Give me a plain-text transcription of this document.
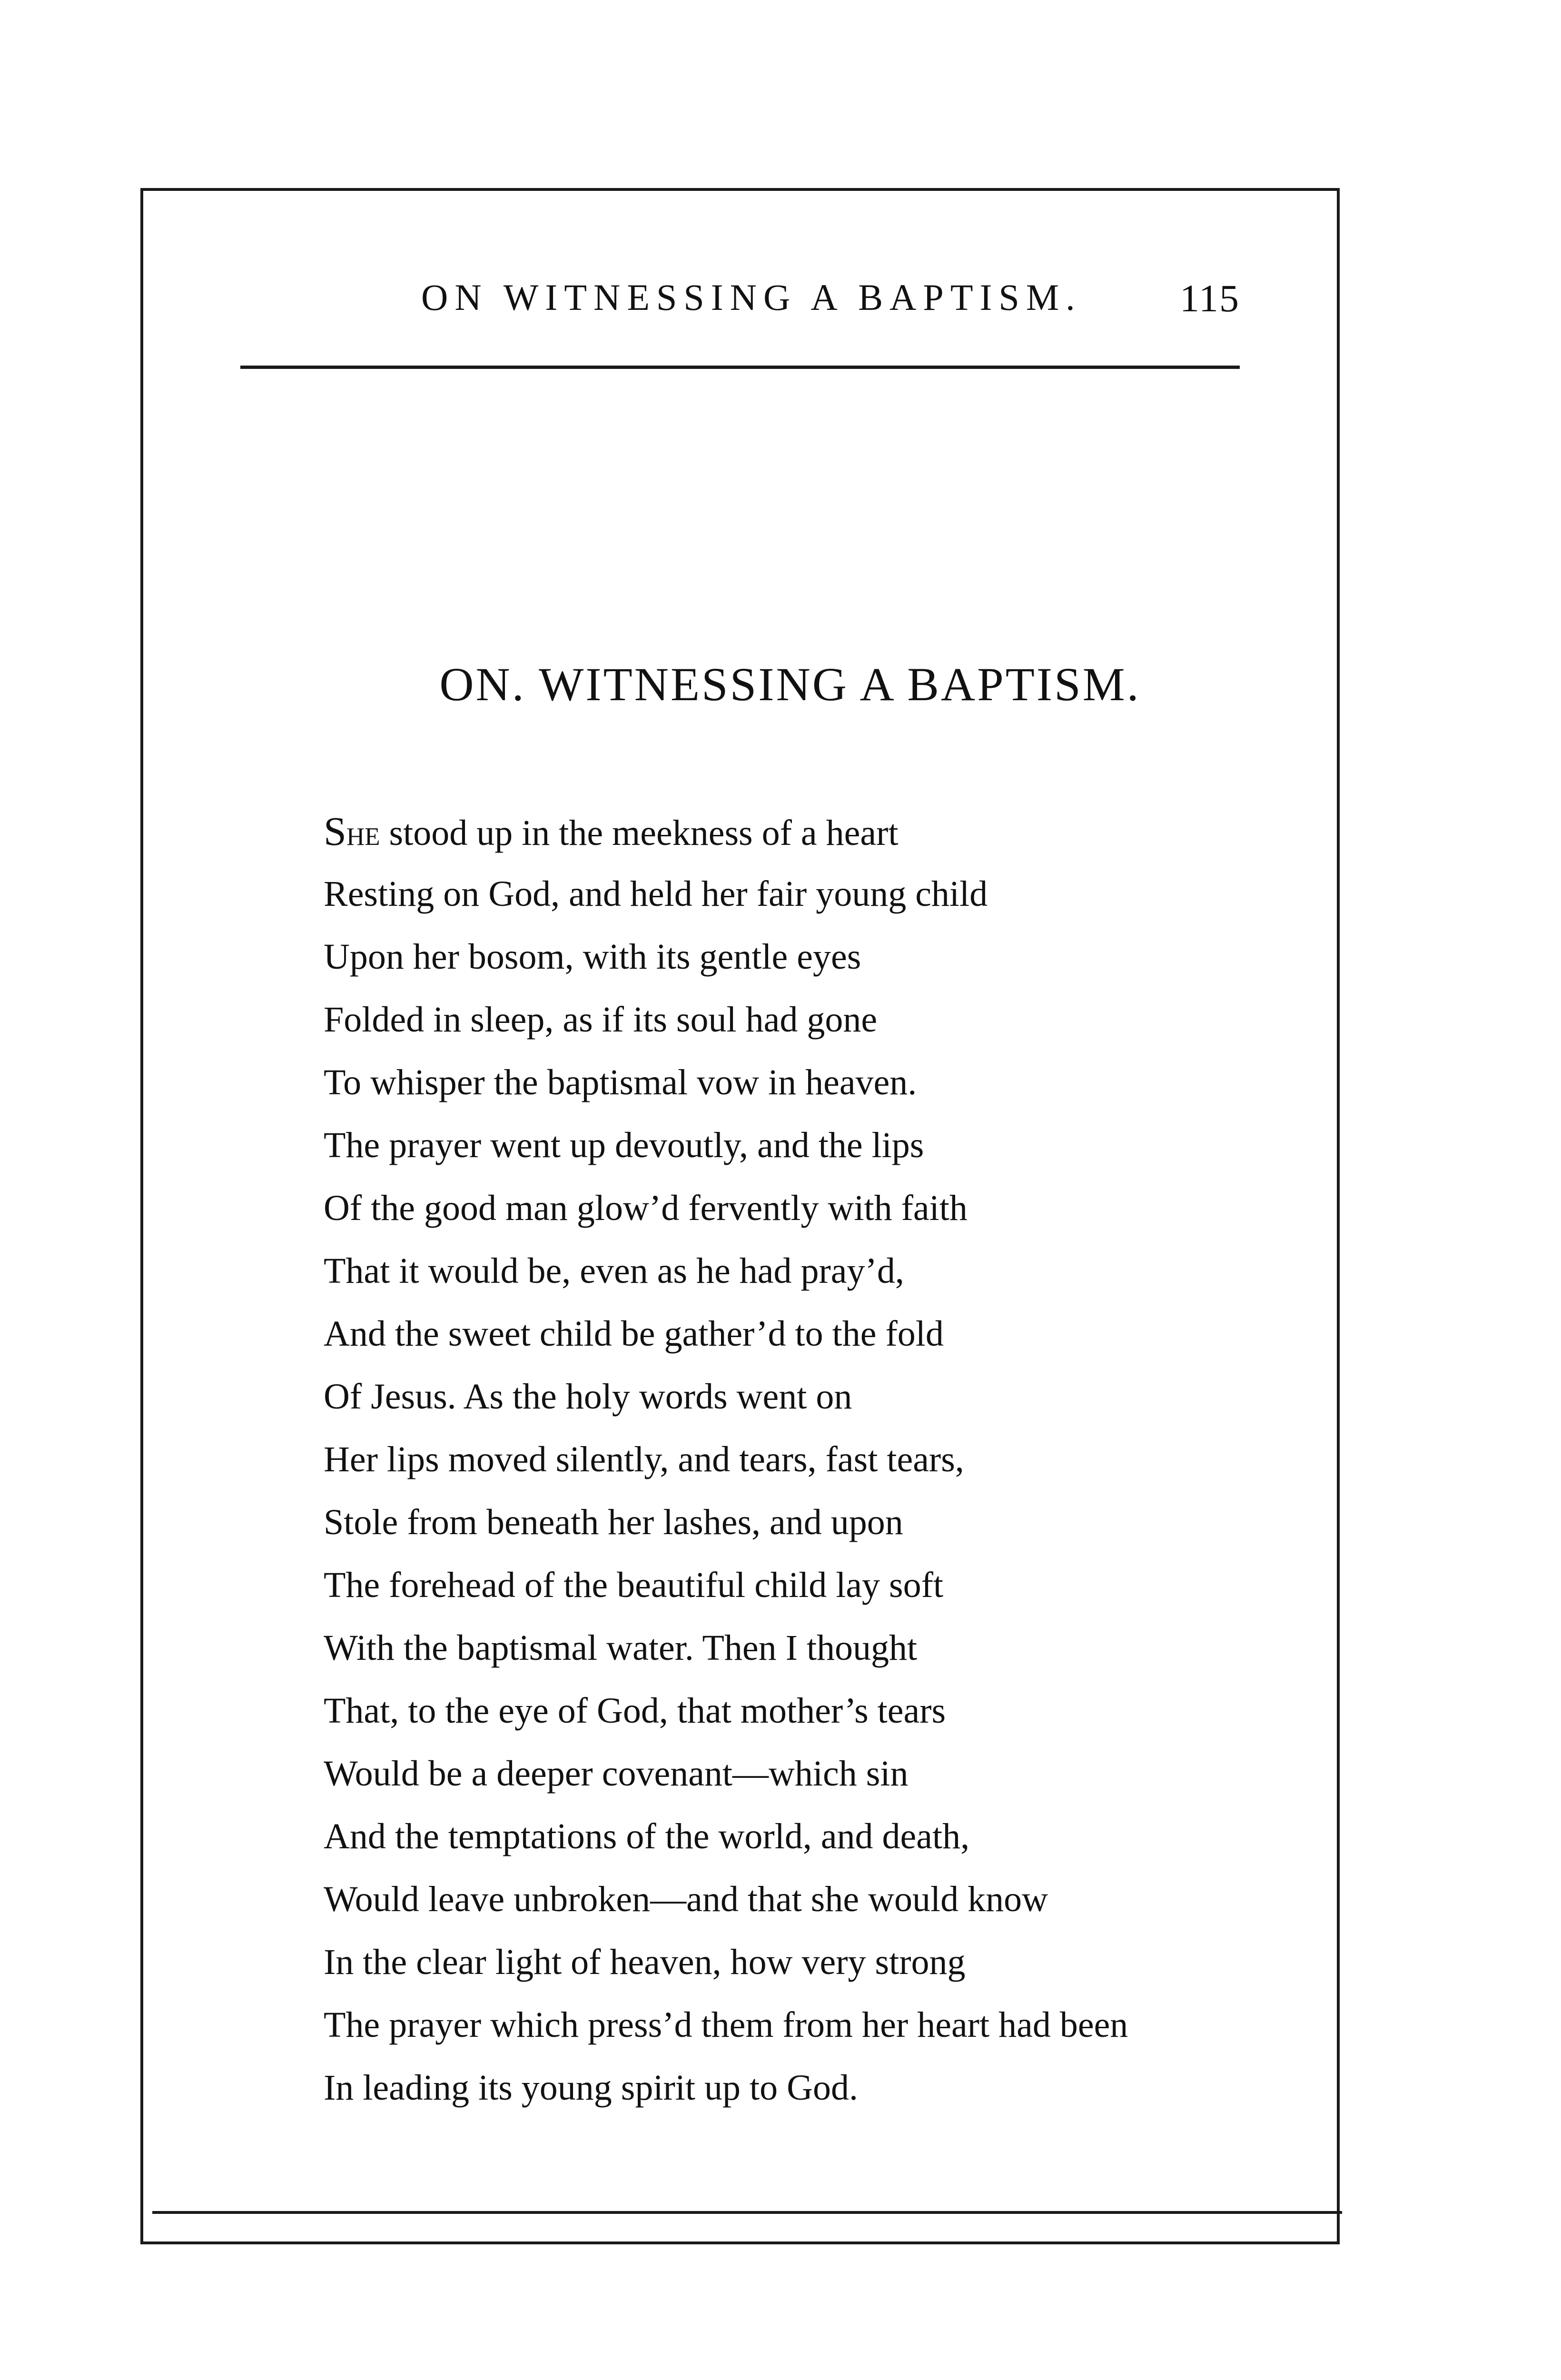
ON WITNESSING A BAPTISM.	115
ON. WITNESSING A BAPTISM.
She stood up in the meekness of a heart
Resting on God, and held her fair young child
Upon her bosom, with its gentle eyes
Folded in sleep, as if its soul had gone
To whisper the baptismal vow in heaven.
The prayer went up devoutly, and the lips
Of the good man glow’d fervently with faith
That it would be, even as he had pray’d,
And the sweet child be gather’d to the fold
Of Jesus. As the holy words went on
Her lips moved silently, and tears, fast tears,
Stole from beneath her lashes, and upon
The forehead of the beautiful child lay soft
With the baptismal water. Then I thought
That, to the eye of God, that mother’s tears
Would be a deeper covenant—which sin
And the temptations of the world, and death,
Would leave unbroken—and that she would know
In the clear light of heaven, how very strong
The prayer which press’d them from her heart had been
In leading its young spirit up to God.
